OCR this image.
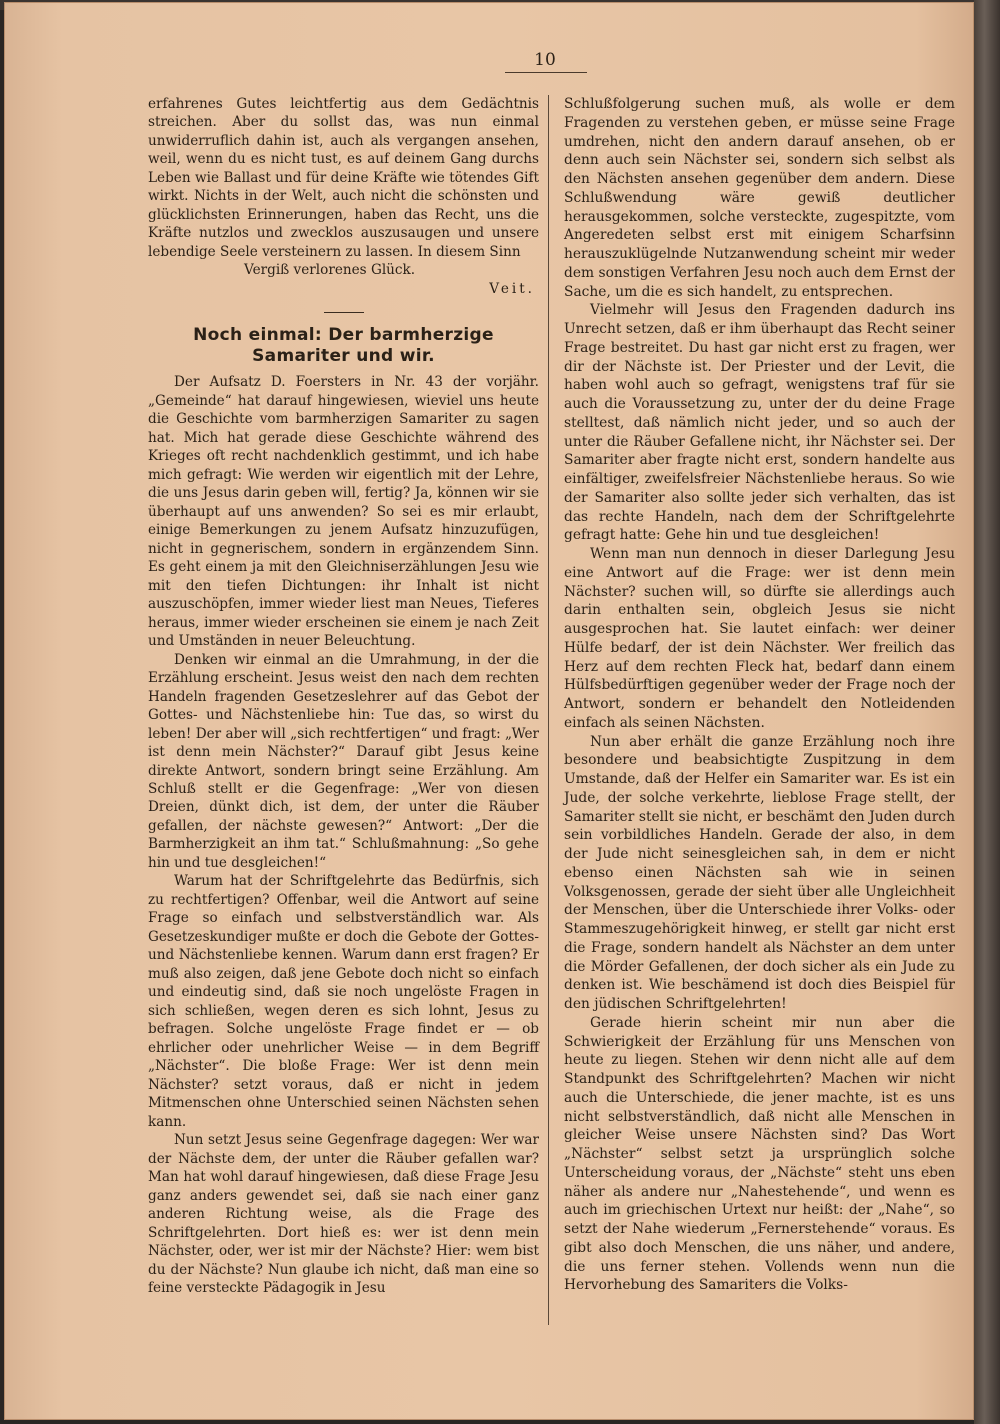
10

erfahrenes Gutes leichtfertig aus dem Gedächtnis streichen. Aber du sollst das, was nun einmal unwiderruflich dahin ist, auch als vergangen ansehen, weil, wenn du es nicht tust, es auf deinem Gang durchs Leben wie Ballast und für deine Kräfte wie tötendes Gift wirkt. Nichts in der Welt, auch nicht die schönsten und glücklichsten Erinnerungen, haben das Recht, uns die Kräfte nutzlos und zwecklos auszusaugen und unsere lebendige Seele versteinern zu lassen. In diesem Sinn

Vergiß verlorenes Glück.

Veit.

Noch einmal: Der barmherzige Samariter und wir.

Der Aufsatz D. Foersters in Nr. 43 der vorjähr. „Gemeinde“ hat darauf hingewiesen, wieviel uns heute die Geschichte vom barmherzigen Samariter zu sagen hat. Mich hat gerade diese Geschichte während des Krieges oft recht nachdenklich gestimmt, und ich habe mich gefragt: Wie werden wir eigentlich mit der Lehre, die uns Jesus darin geben will, fertig? Ja, können wir sie überhaupt auf uns anwenden? So sei es mir erlaubt, einige Bemerkungen zu jenem Aufsatz hinzuzufügen, nicht in gegnerischem, sondern in ergänzendem Sinn. Es geht einem ja mit den Gleichniserzählungen Jesu wie mit den tiefen Dichtungen: ihr Inhalt ist nicht auszuschöpfen, immer wieder liest man Neues, Tieferes heraus, immer wieder erscheinen sie einem je nach Zeit und Umständen in neuer Beleuchtung.

Denken wir einmal an die Umrahmung, in der die Erzählung erscheint. Jesus weist den nach dem rechten Handeln fragenden Gesetzeslehrer auf das Gebot der Gottes- und Nächstenliebe hin: Tue das, so wirst du leben! Der aber will „sich rechtfertigen“ und fragt: „Wer ist denn mein Nächster?“ Darauf gibt Jesus keine direkte Antwort, sondern bringt seine Erzählung. Am Schluß stellt er die Gegenfrage: „Wer von diesen Dreien, dünkt dich, ist dem, der unter die Räuber gefallen, der nächste gewesen?“ Antwort: „Der die Barmherzigkeit an ihm tat.“ Schlußmahnung: „So gehe hin und tue desgleichen!“

Warum hat der Schriftgelehrte das Bedürfnis, sich zu rechtfertigen? Offenbar, weil die Antwort auf seine Frage so einfach und selbstverständlich war. Als Gesetzeskundiger mußte er doch die Gebote der Gottes- und Nächstenliebe kennen. Warum dann erst fragen? Er muß also zeigen, daß jene Gebote doch nicht so einfach und eindeutig sind, daß sie noch ungelöste Fragen in sich schließen, wegen deren es sich lohnt, Jesus zu befragen. Solche ungelöste Frage findet er — ob ehrlicher oder unehrlicher Weise — in dem Begriff „Nächster“. Die bloße Frage: Wer ist denn mein Nächster? setzt voraus, daß er nicht in jedem Mitmenschen ohne Unterschied seinen Nächsten sehen kann.

Nun setzt Jesus seine Gegenfrage dagegen: Wer war der Nächste dem, der unter die Räuber gefallen war? Man hat wohl darauf hingewiesen, daß diese Frage Jesu ganz anders gewendet sei, daß sie nach einer ganz anderen Richtung weise, als die Frage des Schriftgelehrten. Dort hieß es: wer ist denn mein Nächster, oder, wer ist mir der Nächste? Hier: wem bist du der Nächste? Nun glaube ich nicht, daß man eine so feine versteckte Pädagogik in Jesu

Schlußfolgerung suchen muß, als wolle er dem Fragenden zu verstehen geben, er müsse seine Frage umdrehen, nicht den andern darauf ansehen, ob er denn auch sein Nächster sei, sondern sich selbst als den Nächsten ansehen gegenüber dem andern. Diese Schlußwendung wäre gewiß deutlicher herausgekommen, solche versteckte, zugespitzte, vom Angeredeten selbst erst mit einigem Scharfsinn herauszuklügelnde Nutzanwendung scheint mir weder dem sonstigen Verfahren Jesu noch auch dem Ernst der Sache, um die es sich handelt, zu entsprechen.

Vielmehr will Jesus den Fragenden dadurch ins Unrecht setzen, daß er ihm überhaupt das Recht seiner Frage bestreitet. Du hast gar nicht erst zu fragen, wer dir der Nächste ist. Der Priester und der Levit, die haben wohl auch so gefragt, wenigstens traf für sie auch die Voraussetzung zu, unter der du deine Frage stelltest, daß nämlich nicht jeder, und so auch der unter die Räuber Gefallene nicht, ihr Nächster sei. Der Samariter aber fragte nicht erst, sondern handelte aus einfältiger, zweifelsfreier Nächstenliebe heraus. So wie der Samariter also sollte jeder sich verhalten, das ist das rechte Handeln, nach dem der Schriftgelehrte gefragt hatte: Gehe hin und tue desgleichen!

Wenn man nun dennoch in dieser Darlegung Jesu eine Antwort auf die Frage: wer ist denn mein Nächster? suchen will, so dürfte sie allerdings auch darin enthalten sein, obgleich Jesus sie nicht ausgesprochen hat. Sie lautet einfach: wer deiner Hülfe bedarf, der ist dein Nächster. Wer freilich das Herz auf dem rechten Fleck hat, bedarf dann einem Hülfsbedürftigen gegenüber weder der Frage noch der Antwort, sondern er behandelt den Notleidenden einfach als seinen Nächsten.

Nun aber erhält die ganze Erzählung noch ihre besondere und beabsichtigte Zuspitzung in dem Umstande, daß der Helfer ein Samariter war. Es ist ein Jude, der solche verkehrte, lieblose Frage stellt, der Samariter stellt sie nicht, er beschämt den Juden durch sein vorbildliches Handeln. Gerade der also, in dem der Jude nicht seinesgleichen sah, in dem er nicht ebenso einen Nächsten sah wie in seinen Volksgenossen, gerade der sieht über alle Ungleichheit der Menschen, über die Unterschiede ihrer Volks- oder Stammeszugehörigkeit hinweg, er stellt gar nicht erst die Frage, sondern handelt als Nächster an dem unter die Mörder Gefallenen, der doch sicher als ein Jude zu denken ist. Wie beschämend ist doch dies Beispiel für den jüdischen Schriftgelehrten!

Gerade hierin scheint mir nun aber die Schwierigkeit der Erzählung für uns Menschen von heute zu liegen. Stehen wir denn nicht alle auf dem Standpunkt des Schriftgelehrten? Machen wir nicht auch die Unterschiede, die jener machte, ist es uns nicht selbstverständlich, daß nicht alle Menschen in gleicher Weise unsere Nächsten sind? Das Wort „Nächster“ selbst setzt ja ursprünglich solche Unterscheidung voraus, der „Nächste“ steht uns eben näher als andere nur „Nahestehende“, und wenn es auch im griechischen Urtext nur heißt: der „Nahe“, so setzt der Nahe wiederum „Fernerstehende“ voraus. Es gibt also doch Menschen, die uns näher, und andere, die uns ferner stehen. Vollends wenn nun die Hervorhebung des Samariters die Volks-
